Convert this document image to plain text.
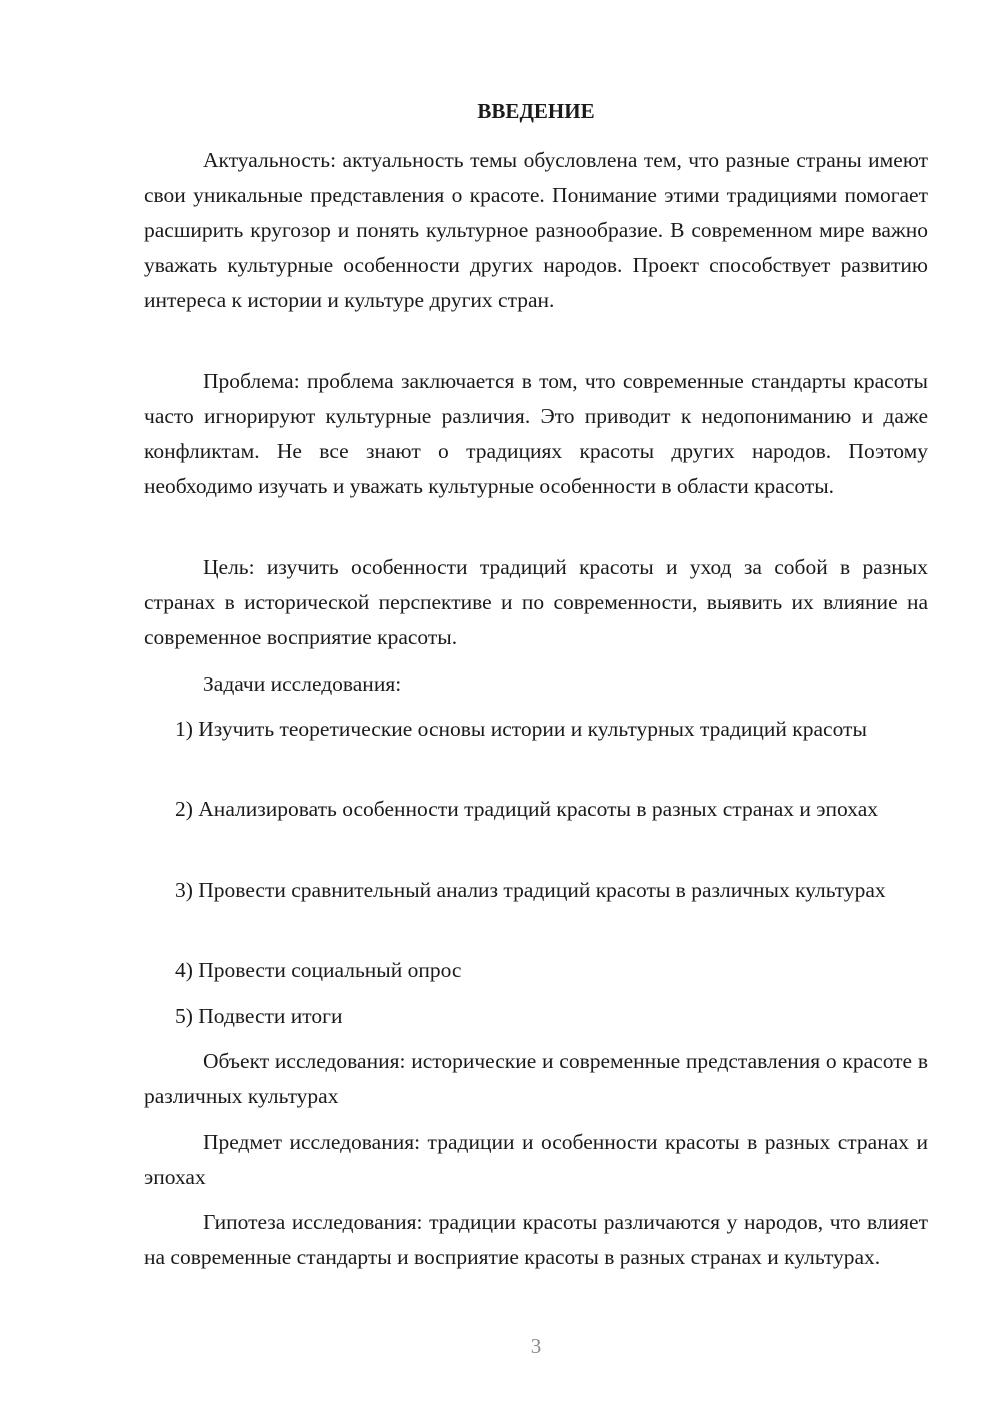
ВВЕДЕНИЕ

Актуальность: актуальность темы обусловлена тем, что разные страны имеют свои уникальные представления о красоте. Понимание этими традициями помогает расширить кругозор и понять культурное разнообразие. В современном мире важно уважать культурные особенности других народов. Проект способствует развитию интереса к истории и культуре других стран.

Проблема: проблема заключается в том, что современные стандарты красоты часто игнорируют культурные различия. Это приводит к недопониманию и даже конфликтам. Не все знают о традициях красоты других народов. Поэтому необходимо изучать и уважать культурные особенности в области красоты.

Цель: изучить особенности традиций красоты и уход за собой в разных странах в исторической перспективе и по современности, выявить их влияние на современное восприятие красоты.

Задачи исследования:

1) Изучить теоретические основы истории и культурных традиций красоты

2) Анализировать особенности традиций красоты в разных странах и эпохах

3) Провести сравнительный анализ традиций красоты в различных культурах

4) Провести социальный опрос

5) Подвести итоги

Объект исследования: исторические и современные представления о красоте в различных культурах

Предмет исследования: традиции и особенности красоты в разных странах и эпохах

Гипотеза исследования: традиции красоты различаются у народов, что влияет на современные стандарты и восприятие красоты в разных странах и культурах.

3
